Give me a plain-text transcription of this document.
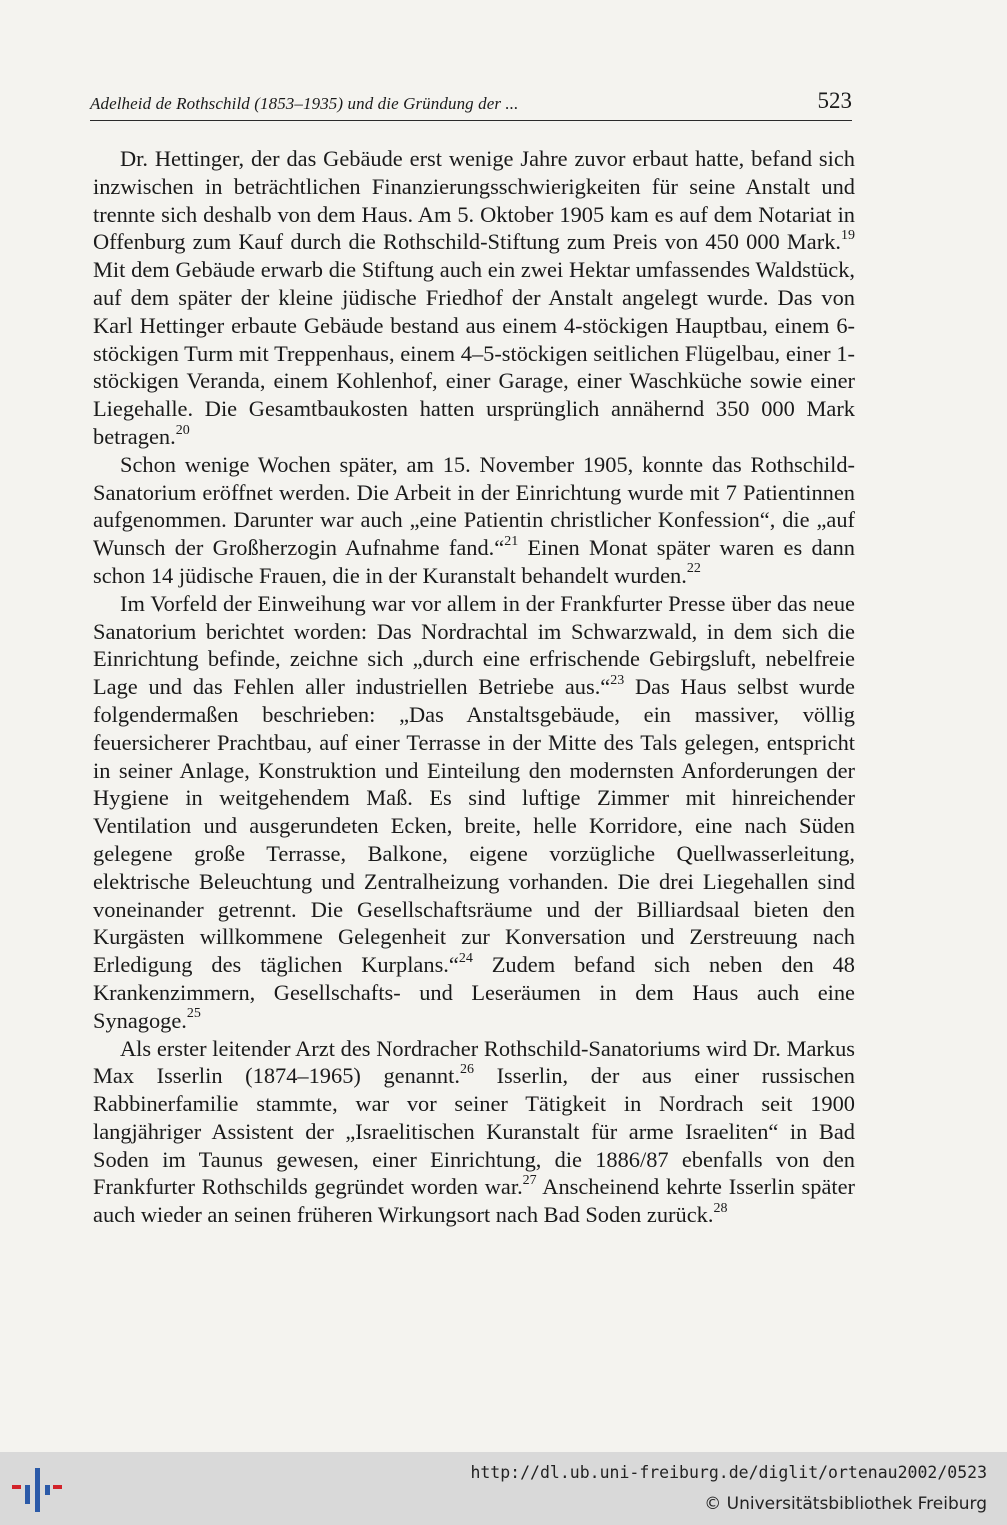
Adelheid de Rothschild (1853–1935) und die Gründung der ...	523

Dr. Hettinger, der das Gebäude erst wenige Jahre zuvor erbaut hatte, befand sich inzwischen in beträchtlichen Finanzierungsschwierigkeiten für seine Anstalt und trennte sich deshalb von dem Haus. Am 5. Oktober 1905 kam es auf dem Notariat in Offenburg zum Kauf durch die Rothschild-Stiftung zum Preis von 450 000 Mark.$^{19}$ Mit dem Gebäude erwarb die Stiftung auch ein zwei Hektar umfassendes Waldstück, auf dem später der kleine jüdische Friedhof der Anstalt angelegt wurde. Das von Karl Hettinger erbaute Gebäude bestand aus einem 4-stöckigen Hauptbau, einem 6-stöckigen Turm mit Treppenhaus, einem 4–5-stöckigen seitlichen Flügelbau, einer 1-stöckigen Veranda, einem Kohlenhof, einer Garage, einer Waschküche sowie einer Liegehalle. Die Gesamtbaukosten hatten ursprünglich annähernd 350 000 Mark betragen.$^{20}$

Schon wenige Wochen später, am 15. November 1905, konnte das Rothschild-Sanatorium eröffnet werden. Die Arbeit in der Einrichtung wurde mit 7 Patientinnen aufgenommen. Darunter war auch „eine Patientin christlicher Konfession“, die „auf Wunsch der Großherzogin Aufnahme fand.“$^{21}$ Einen Monat später waren es dann schon 14 jüdische Frauen, die in der Kuranstalt behandelt wurden.$^{22}$

Im Vorfeld der Einweihung war vor allem in der Frankfurter Presse über das neue Sanatorium berichtet worden: Das Nordrachtal im Schwarzwald, in dem sich die Einrichtung befinde, zeichne sich „durch eine erfrischende Gebirgsluft, nebelfreie Lage und das Fehlen aller industriellen Betriebe aus.“$^{23}$ Das Haus selbst wurde folgendermaßen beschrieben: „Das Anstaltsgebäude, ein massiver, völlig feuersicherer Prachtbau, auf einer Terrasse in der Mitte des Tals gelegen, entspricht in seiner Anlage, Konstruktion und Einteilung den modernsten Anforderungen der Hygiene in weitgehendem Maß. Es sind luftige Zimmer mit hinreichender Ventilation und ausgerundeten Ecken, breite, helle Korridore, eine nach Süden gelegene große Terrasse, Balkone, eigene vorzügliche Quellwasserleitung, elektrische Beleuchtung und Zentralheizung vorhanden. Die drei Liegehallen sind voneinander getrennt. Die Gesellschaftsräume und der Billiardsaal bieten den Kurgästen willkommene Gelegenheit zur Konversation und Zerstreuung nach Erledigung des täglichen Kurplans.“$^{24}$ Zudem befand sich neben den 48 Krankenzimmern, Gesellschafts- und Leseräumen in dem Haus auch eine Synagoge.$^{25}$

Als erster leitender Arzt des Nordracher Rothschild-Sanatoriums wird Dr. Markus Max Isserlin (1874–1965) genannt.$^{26}$ Isserlin, der aus einer russischen Rabbinerfamilie stammte, war vor seiner Tätigkeit in Nordrach seit 1900 langjähriger Assistent der „Israelitischen Kuranstalt für arme Israeliten“ in Bad Soden im Taunus gewesen, einer Einrichtung, die 1886/87 ebenfalls von den Frankfurter Rothschilds gegründet worden war.$^{27}$ Anscheinend kehrte Isserlin später auch wieder an seinen früheren Wirkungsort nach Bad Soden zurück.$^{28}$

http://dl.ub.uni-freiburg.de/diglit/ortenau2002/0523
© Universitätsbibliothek Freiburg
